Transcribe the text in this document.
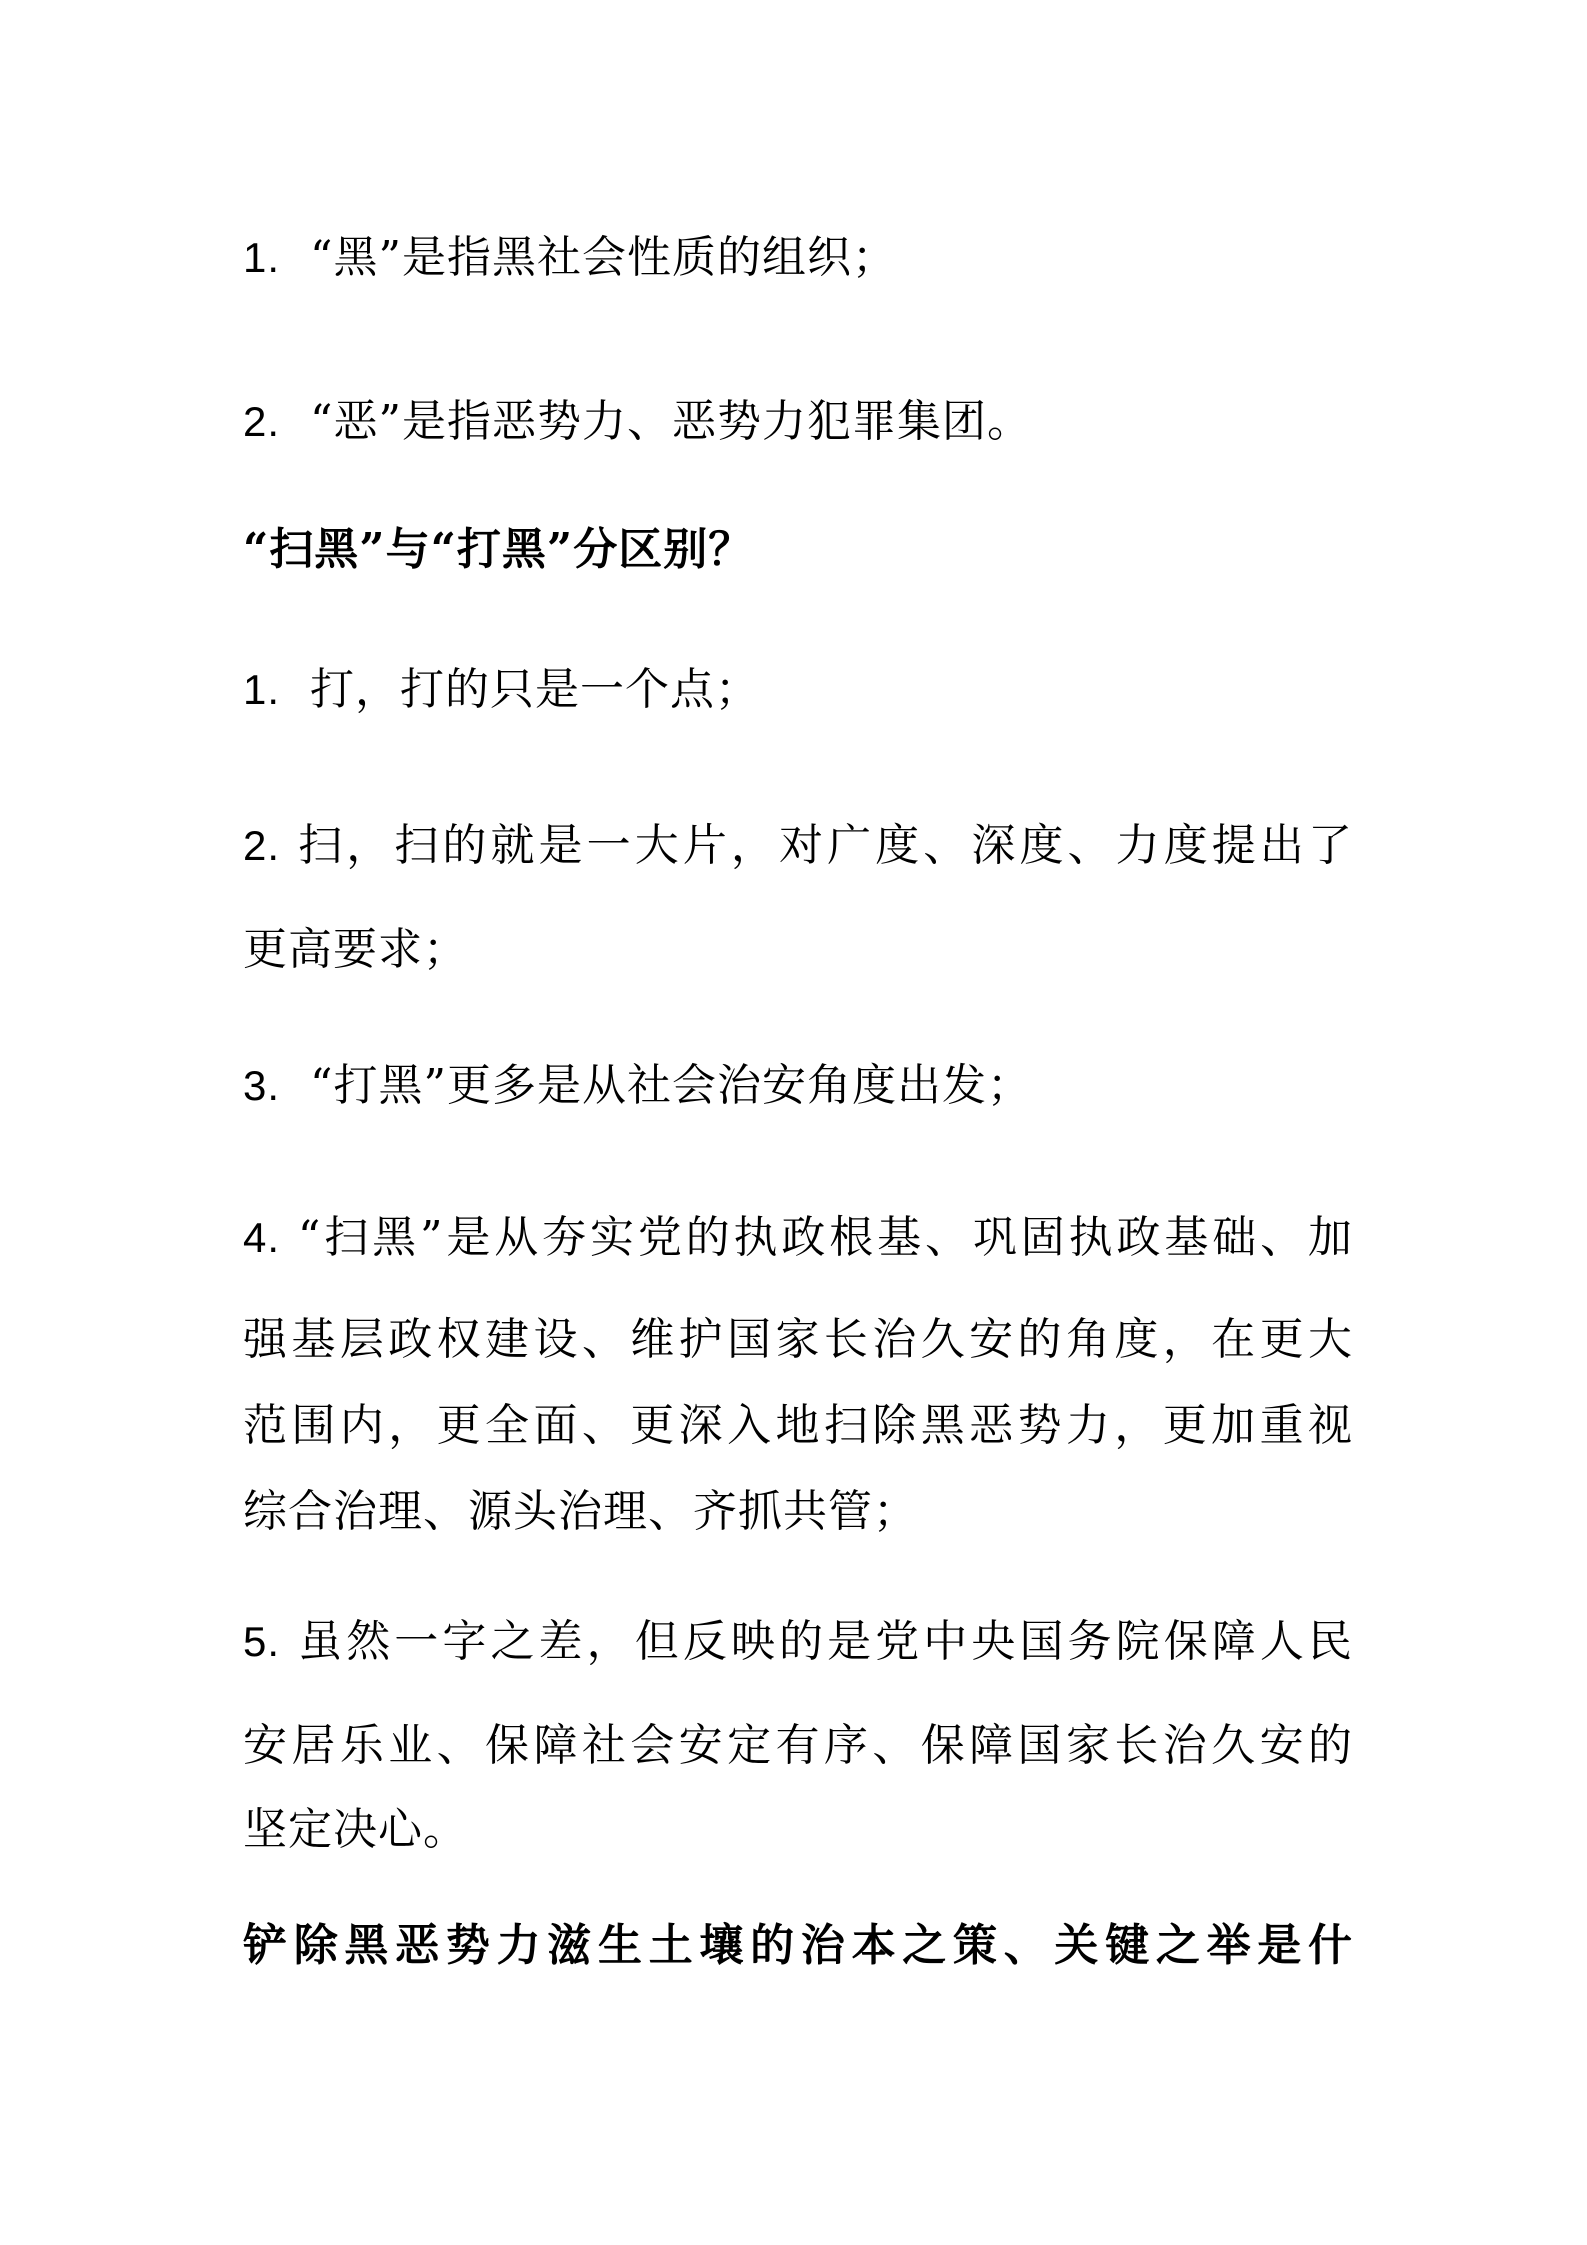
1. “黑”是指黑社会性质的组织；
2. “恶”是指恶势力、恶势力犯罪集团。
“扫黑”与“打黑”分区别？
1. 打，打的只是一个点；
2. 扫，扫的就是一大片，对广度、深度、力度提出了
更高要求；
3. “打黑”更多是从社会治安角度出发；
4. “扫黑”是从夯实党的执政根基、巩固执政基础、加
强基层政权建设、维护国家长治久安的角度，在更大
范围内，更全面、更深入地扫除黑恶势力，更加重视
综合治理、源头治理、齐抓共管；
5. 虽然一字之差，但反映的是党中央国务院保障人民
安居乐业、保障社会安定有序、保障国家长治久安的
坚定决心。
铲除黑恶势力滋生土壤的治本之策、关键之举是什
